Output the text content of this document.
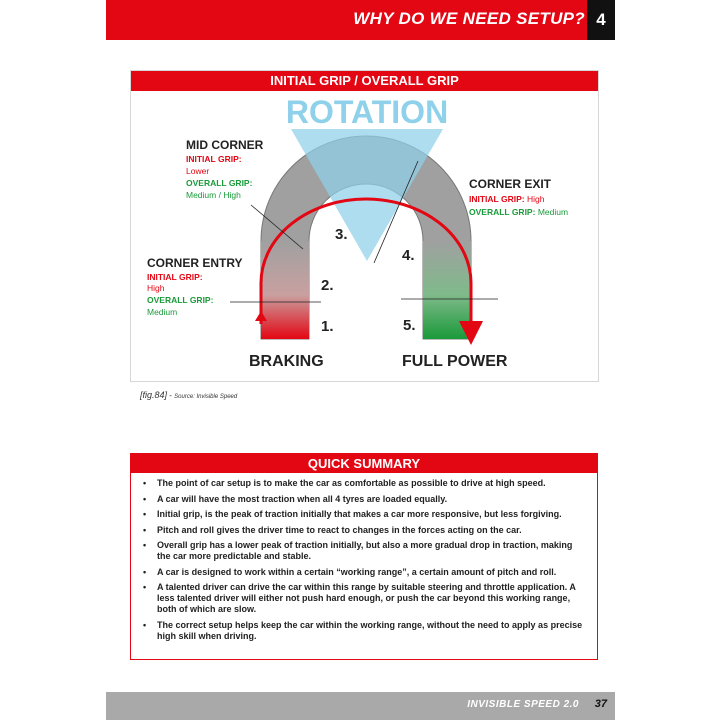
WHY DO WE NEED SETUP? 4
ROTATION
1.
2.
3.
4.
5.
BRAKING	FULL POWER
MID CORNER
INITIAL GRIP:
Lower
OVERALL GRIP:
Medium / High
CORNER ENTRY
INITIAL GRIP:
High
OVERALL GRIP:
Medium
CORNER EXIT
INITIAL GRIP: High
OVERALL GRIP: Medium
INITIAL GRIP / OVERALL GRIP
[fig.84] - Source: Invisible Speed
QUICK SUMMARY
• The point of car setup is to make the car as comfortable as possible to drive at high speed.
• A car will have the most traction when all 4 tyres are loaded equally.
• Initial grip, is the peak of traction initially that makes a car more responsive, but less forgiving.
• Pitch and roll gives the driver time to react to changes in the forces acting on the car.
• Overall grip has a lower peak of traction initially, but also a more gradual drop in traction, making the car more predictable and stable.
• A car is designed to work within a certain “working range”, a certain amount of pitch and roll.
• A talented driver can drive the car within this range by suitable steering and throttle application. A less talented driver will either not push hard enough, or push the car beyond this working range, both of which are slow.
• The correct setup helps keep the car within the working range, without the need to apply as precise high skill when driving.
INVISIBLE SPEED 2.0 37
